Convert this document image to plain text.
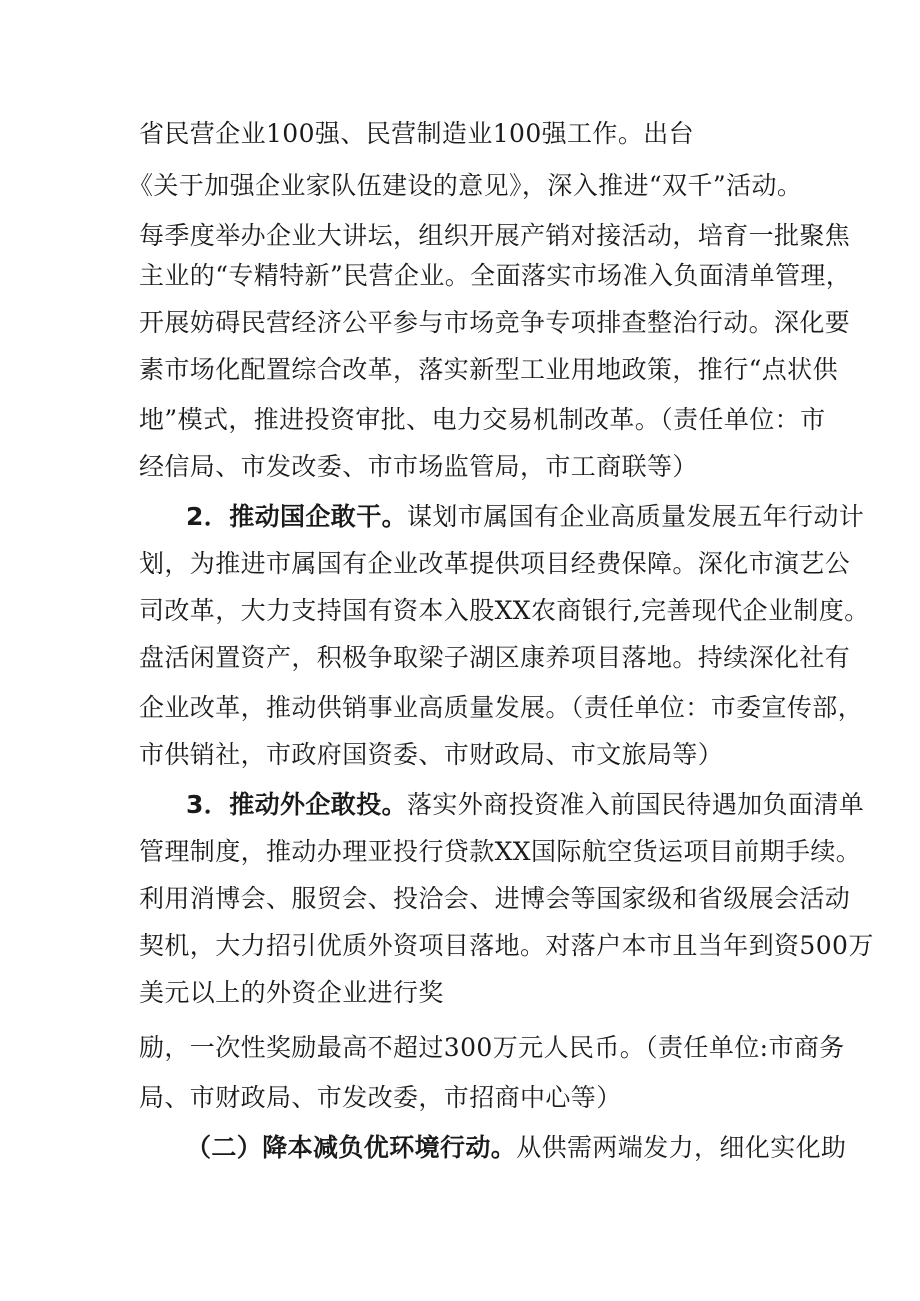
省民营企业100强、民营制造业100强工作。出台
《关于加强企业家队伍建设的意见》，深入推进“双千”活动。
每季度举办企业大讲坛，组织开展产销对接活动，培育一批聚焦
主业的“专精特新”民营企业。全面落实市场准入负面清单管理，
开展妨碍民营经济公平参与市场竞争专项排查整治行动。深化要
素市场化配置综合改革，落实新型工业用地政策，推行“点状供
地”模式，推进投资审批、电力交易机制改革。（责任单位：市
经信局、市发改委、市市场监管局，市工商联等）
2．推动国企敢干。谋划市属国有企业高质量发展五年行动计
划，为推进市属国有企业改革提供项目经费保障。深化市演艺公
司改革，大力支持国有资本入股XX农商银行,完善现代企业制度。
盘活闲置资产，积极争取梁子湖区康养项目落地。持续深化社有
企业改革，推动供销事业高质量发展。（责任单位：市委宣传部，
市供销社，市政府国资委、市财政局、市文旅局等）
3．推动外企敢投。落实外商投资准入前国民待遇加负面清单
管理制度，推动办理亚投行贷款XX国际航空货运项目前期手续。
利用消博会、服贸会、投洽会、进博会等国家级和省级展会活动
契机，大力招引优质外资项目落地。对落户本市且当年到资500万
美元以上的外资企业进行奖
励，一次性奖励最高不超过300万元人民币。（责任单位:市商务
局、市财政局、市发改委，市招商中心等）
（二）降本减负优环境行动。从供需两端发力，细化实化助
